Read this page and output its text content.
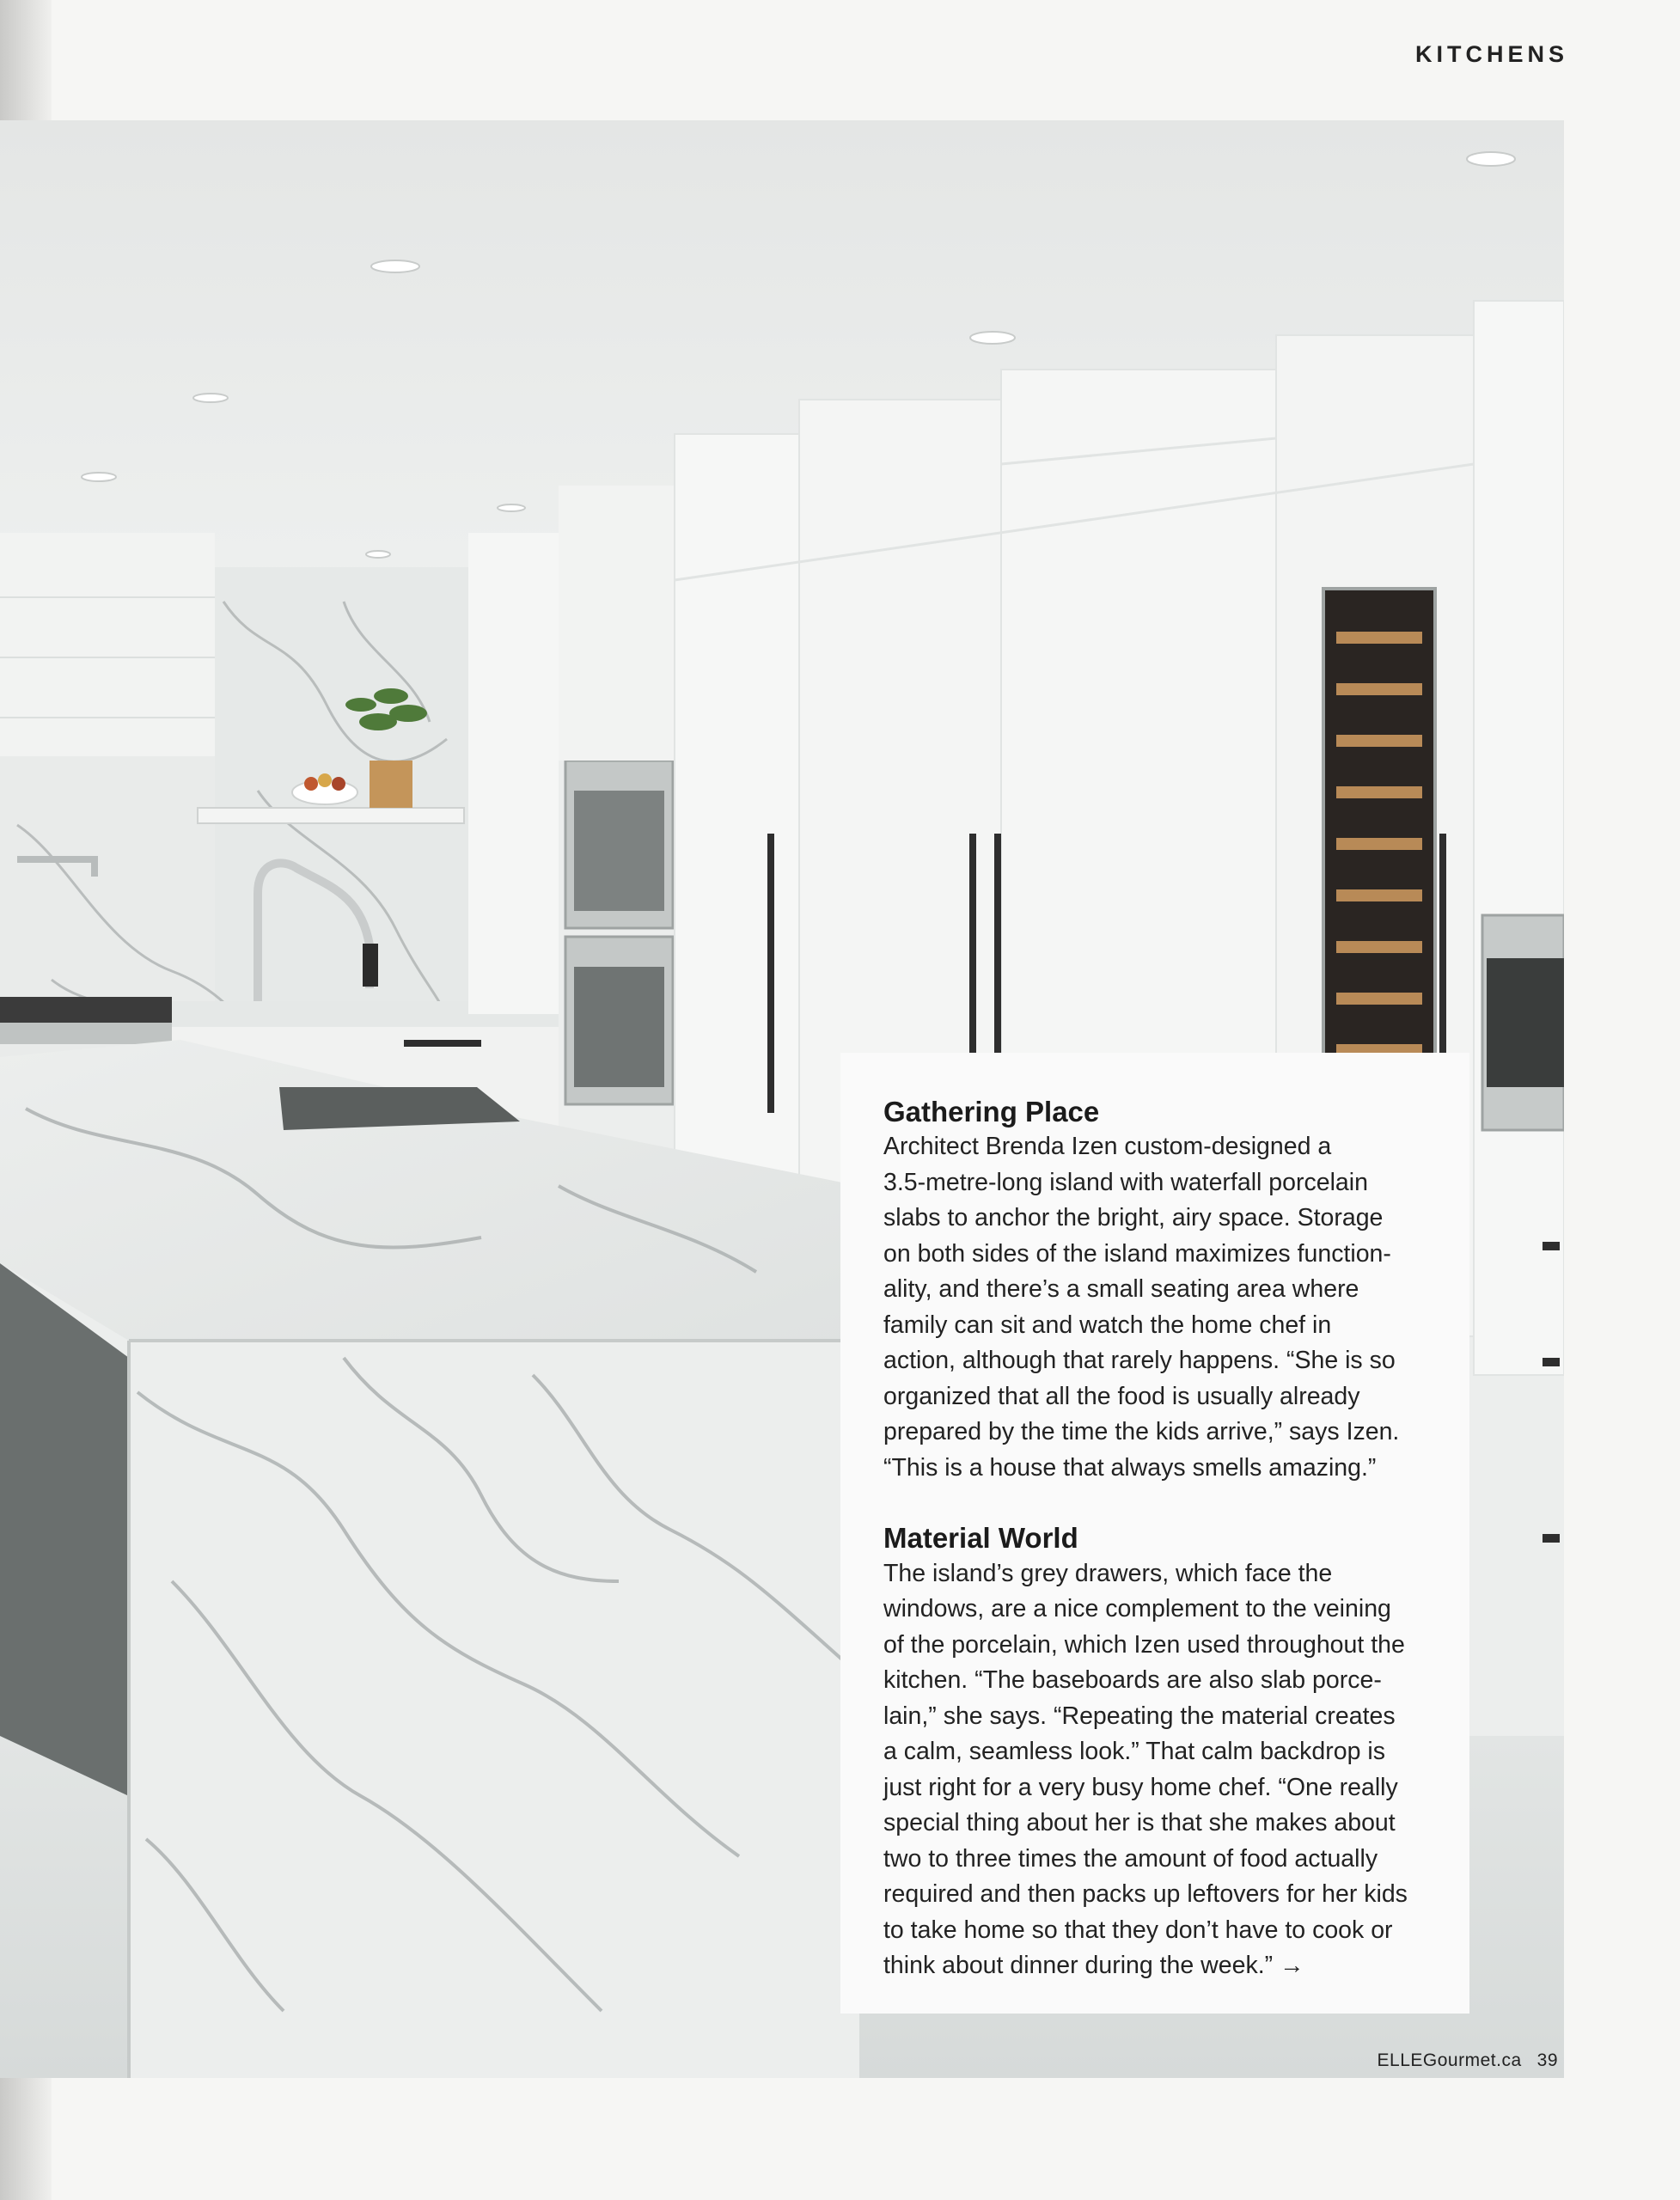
KITCHENS
Gathering Place

Architect Brenda Izen custom-designed a

3.5-metre-long island with waterfall porcelain

slabs to anchor the bright, airy space. Storage

on both sides of the island maximizes function-

ality, and there’s a small seating area where

family can sit and watch the home chef in

action, although that rarely happens. “She is so

organized that all the food is usually already

prepared by the time the kids arrive,” says Izen.

“This is a house that always smells amazing.”

Material World

The island’s grey drawers, which face the

windows, are a nice complement to the veining

of the porcelain, which Izen used throughout the

kitchen. “The baseboards are also slab porce-

lain,” she says. “Repeating the material creates

a calm, seamless look.” That calm backdrop is

just right for a very busy home chef. “One really

special thing about her is that she makes about

two to three times the amount of food actually

required and then packs up leftovers for her kids

to take home so that they don’t have to cook or

think about dinner during the week.” →

ELLEGourmet.ca 39
